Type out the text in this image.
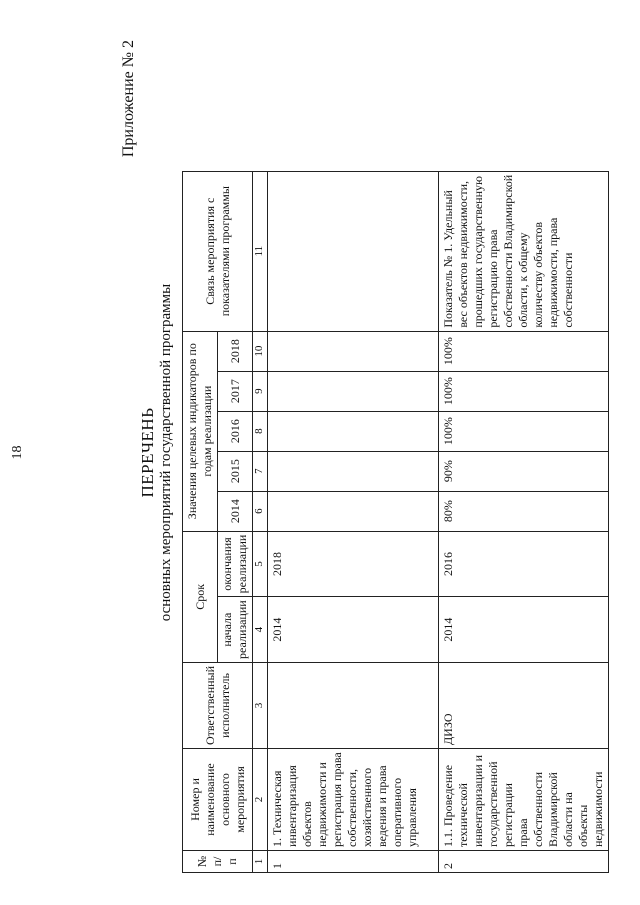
18
Приложение № 2
ПЕРЕЧЕНЬ основных мероприятий государственной программы
№ п/п	Номер и наименование основного мероприятия	Ответственный исполнитель	Срок		Значения целевых индикаторов по годам реализации					Связь мероприятия с показателями программы
			начала реализации	окончания реализации	2014	2015	2016	2017	2018	
1	2	3	4	5	6	7	8	9	10	11
1	1. Техническая инвентаризация объектов недвижимости и регистрация права собственности, хозяйственного ведения и права оперативного управления		2014	2018						
2	1.1. Проведение технической инвентаризации и государственной регистрации права собственности Владимирской области на объекты недвижимости	ДИЗО	2014	2016	80%	90%	100%	100%	100%	Показатель № 1. Удельный вес объектов недвижимости, прошедших государственную регистрацию права собственности Владимирской области, к общему количеству объектов недвижимости, права собственности
